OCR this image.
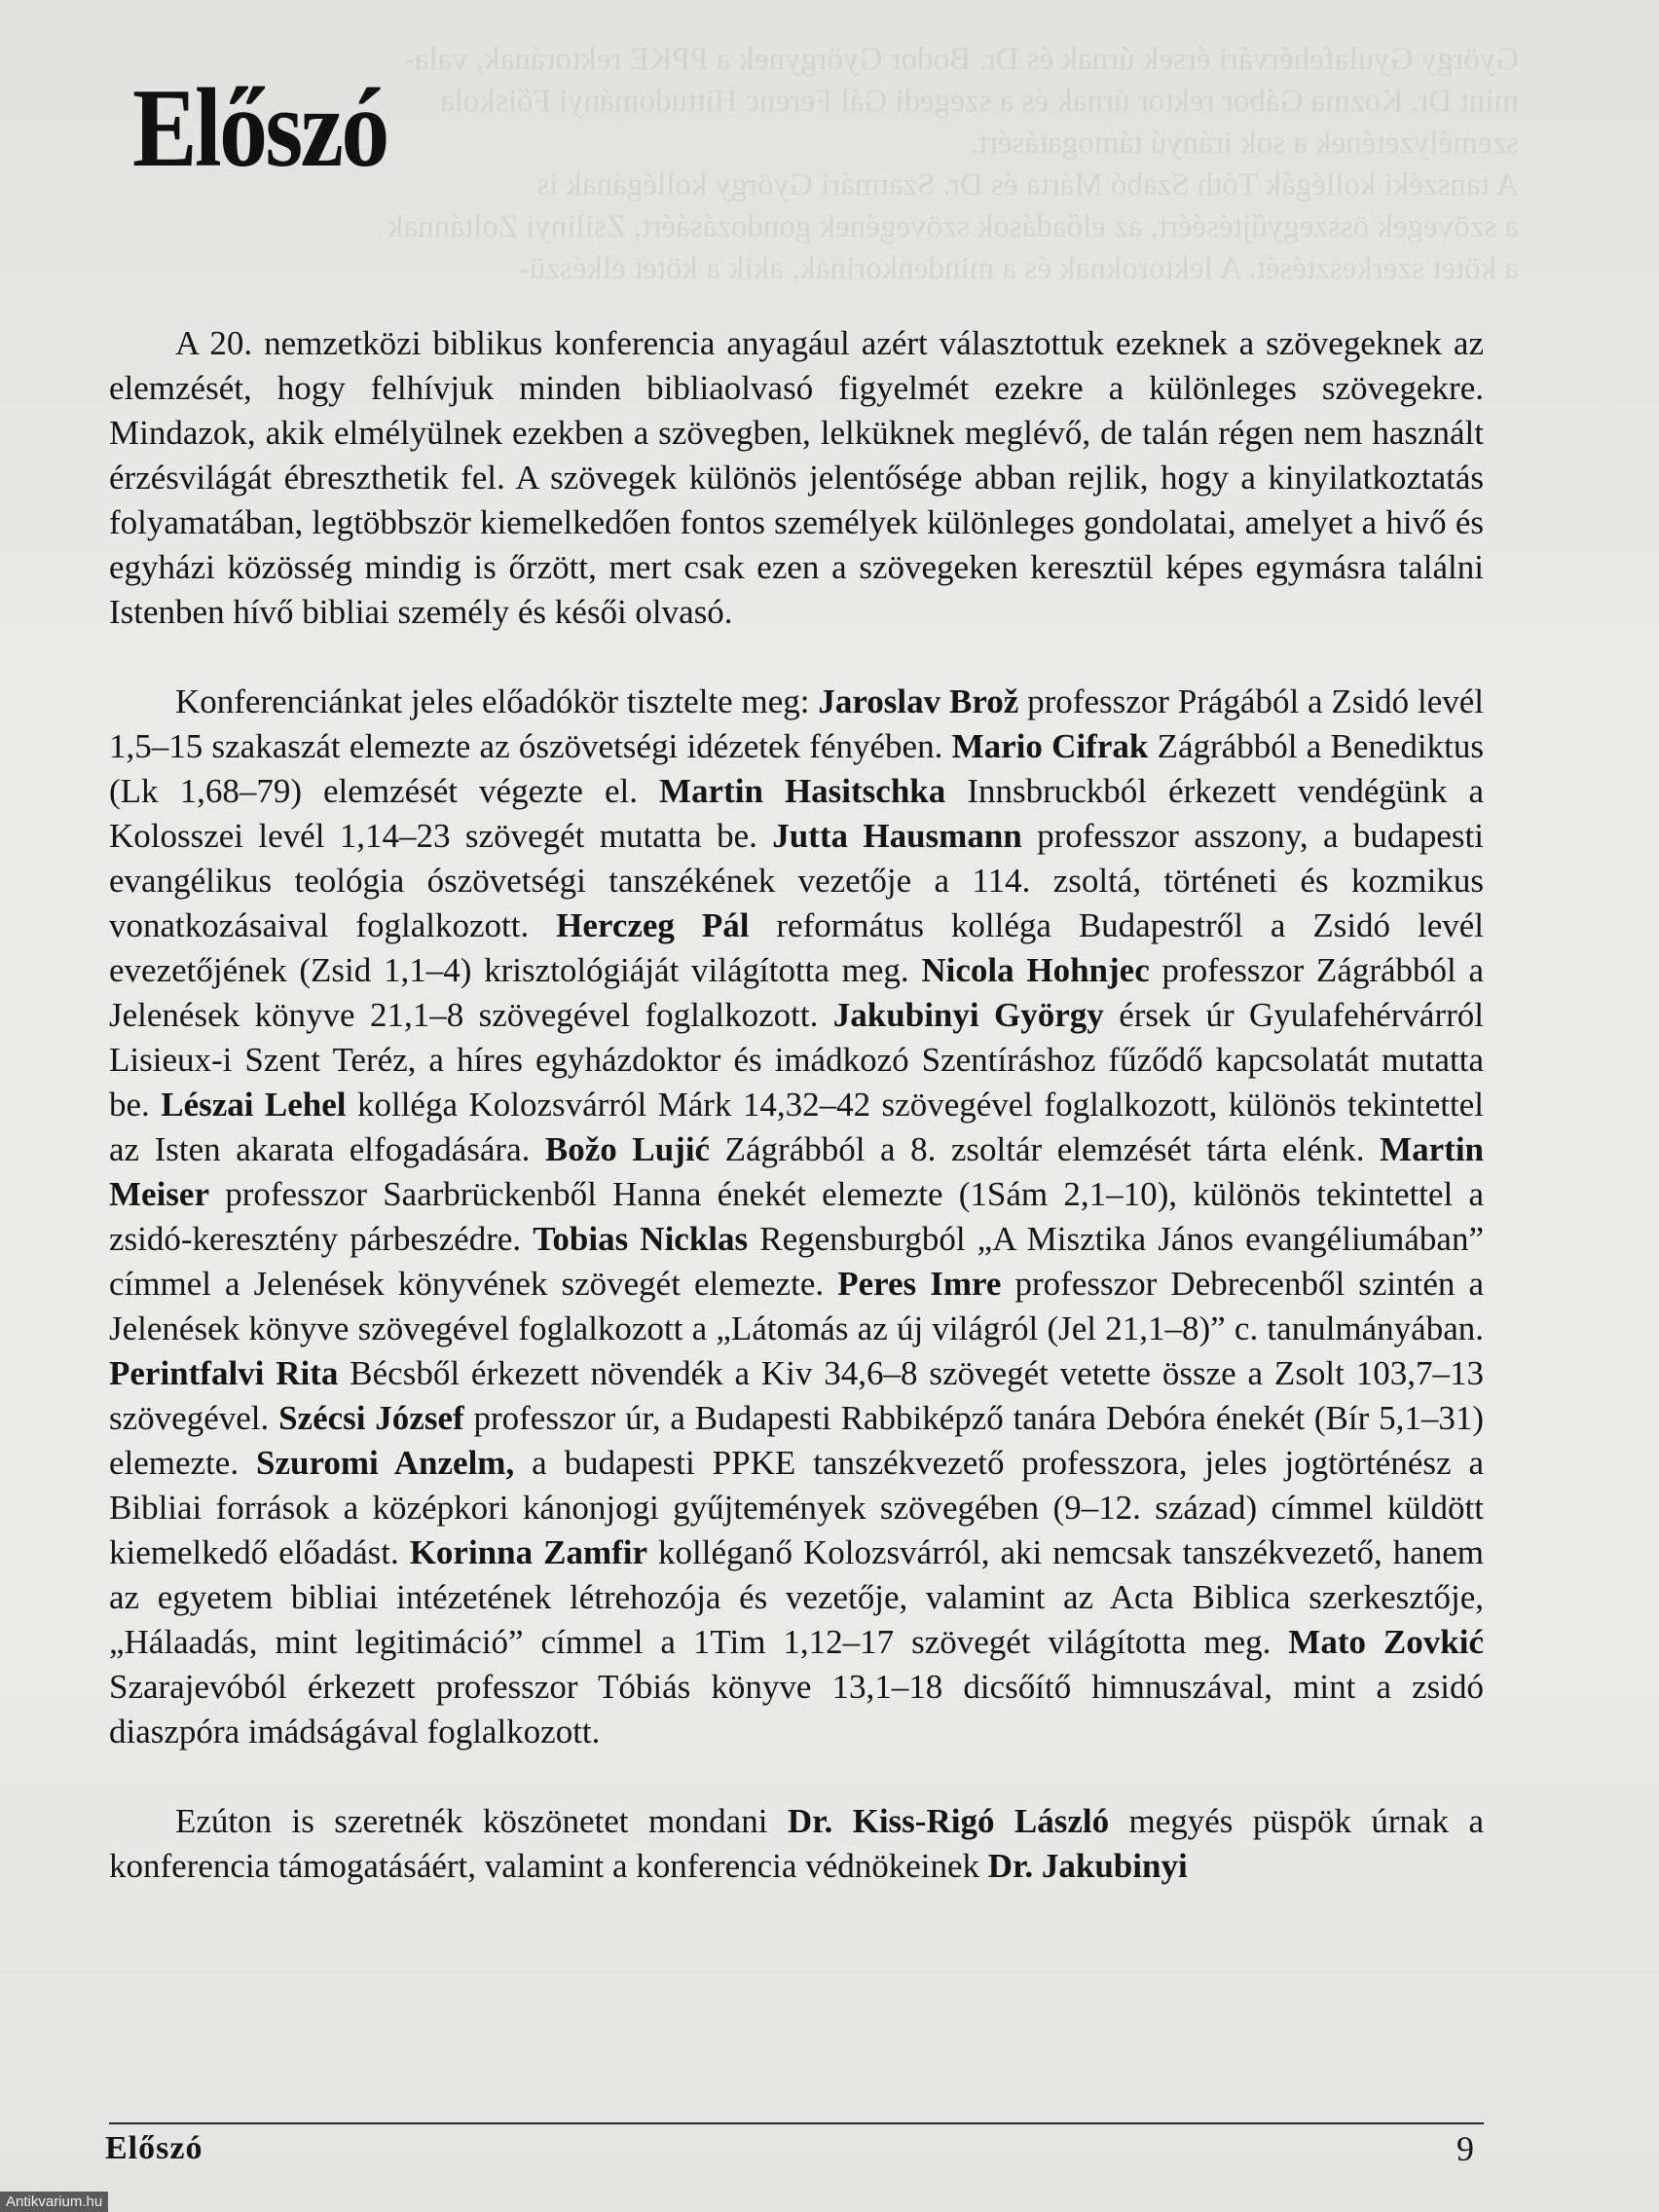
György Gyulafehérvári érsek úrnak és Dr. Bodor Györgynek a PPKE rektorának, vala-

mint Dr. Kozma Gábor rektor úrnak és a szegedi Gál Ferenc Hittudományi Főiskola

személyzetének a sok irányú támogatásért.

A tanszéki kollégák Tóth Szabó Márta és Dr. Szatmári György kollégának is

a szövegek összegyűjtéséért, az előadások szövegének gondozásáért, Zsilinyi Zoltánnak

a kötet szerkesztését. A lektoroknak és a mindenkorinak, akik a kötet elkészü-

Előszó

A 20. nemzetközi biblikus konferencia anyagául azért választottuk ezeknek a szövegeknek az elemzését, hogy felhívjuk minden bibliaolvasó figyelmét ezekre a különleges szövegekre. Mindazok, akik elmélyülnek ezekben a szövegben, lelküknek meglévő, de talán régen nem használt érzésvilágát ébreszthetik fel. A szövegek különös jelentősége abban rejlik, hogy a kinyilatkoztatás folyamatában, legtöbbször kiemelkedően fontos személyek különleges gondolatai, amelyet a hivő és egyházi közösség mindig is őrzött, mert csak ezen a szövegeken keresztül képes egymásra találni Istenben hívő bibliai személy és késői olvasó.

Konferenciánkat jeles előadókör tisztelte meg: Jaroslav Brož professzor Prágából a Zsidó levél 1,5–15 szakaszát elemezte az ószövetségi idézetek fényében. Mario Cifrak Zágrábból a Benediktus (Lk 1,68–79) elemzését végezte el. Martin Hasitschka Innsbruckból érkezett vendégünk a Kolosszei levél 1,14–23 szövegét mutatta be. Jutta Hausmann professzor asszony, a budapesti evangélikus teológia ószövetségi tanszékének vezetője a 114. zsoltá, történeti és kozmikus vonatkozásaival foglalkozott. Herczeg Pál református kolléga Budapestről a Zsidó levél evezetőjének (Zsid 1,1–4) krisztológiáját világította meg. Nicola Hohnjec professzor Zágrábból a Jelenések könyve 21,1–8 szövegével foglalkozott. Jakubinyi György érsek úr Gyulafehérvárról Lisieux-i Szent Teréz, a híres egyházdoktor és imádkozó Szentíráshoz fűződő kapcsolatát mutatta be. Lészai Lehel kolléga Kolozsvárról Márk 14,32–42 szövegével foglalkozott, különös tekintettel az Isten akarata elfogadására. Božo Lujić Zágrábból a 8. zsoltár elemzését tárta elénk. Martin Meiser professzor Saarbrückenből Hanna énekét elemezte (1Sám 2,1–10), különös tekintettel a zsidó-keresztény párbeszédre. Tobias Nicklas Regensburgból „A Misztika János evangéliumában” címmel a Jelenések könyvének szövegét elemezte. Peres Imre professzor Debrecenből szintén a Jelenések könyve szövegével foglalkozott a „Látomás az új világról (Jel 21,1–8)” c. tanulmányában. Perintfalvi Rita Bécsből érkezett növendék a Kiv 34,6–8 szövegét vetette össze a Zsolt 103,7–13 szövegével. Szécsi József professzor úr, a Budapesti Rabbiképző tanára Debóra énekét (Bír 5,1–31) elemezte. Szuromi Anzelm, a budapesti PPKE tanszékvezető professzora, jeles jogtörténész a Bibliai források a középkori kánonjogi gyűjtemények szövegében (9–12. század) címmel küldött kiemelkedő előadást. Korinna Zamfir kolléganő Kolozsvárról, aki nemcsak tanszékvezető, hanem az egyetem bibliai intézetének létrehozója és vezetője, valamint az Acta Biblica szerkesztője, „Hálaadás, mint legitimáció” címmel a 1Tim 1,12–17 szövegét világította meg. Mato Zovkić Szarajevóból érkezett professzor Tóbiás könyve 13,1–18 dicsőítő himnuszával, mint a zsidó diaszpóra imádságával foglalkozott.

Ezúton is szeretnék köszönetet mondani Dr. Kiss-Rigó László megyés püspök úrnak a konferencia támogatásáért, valamint a konferencia védnökeinek Dr. Jakubinyi

Előszó	9
Antikvarium.hu
